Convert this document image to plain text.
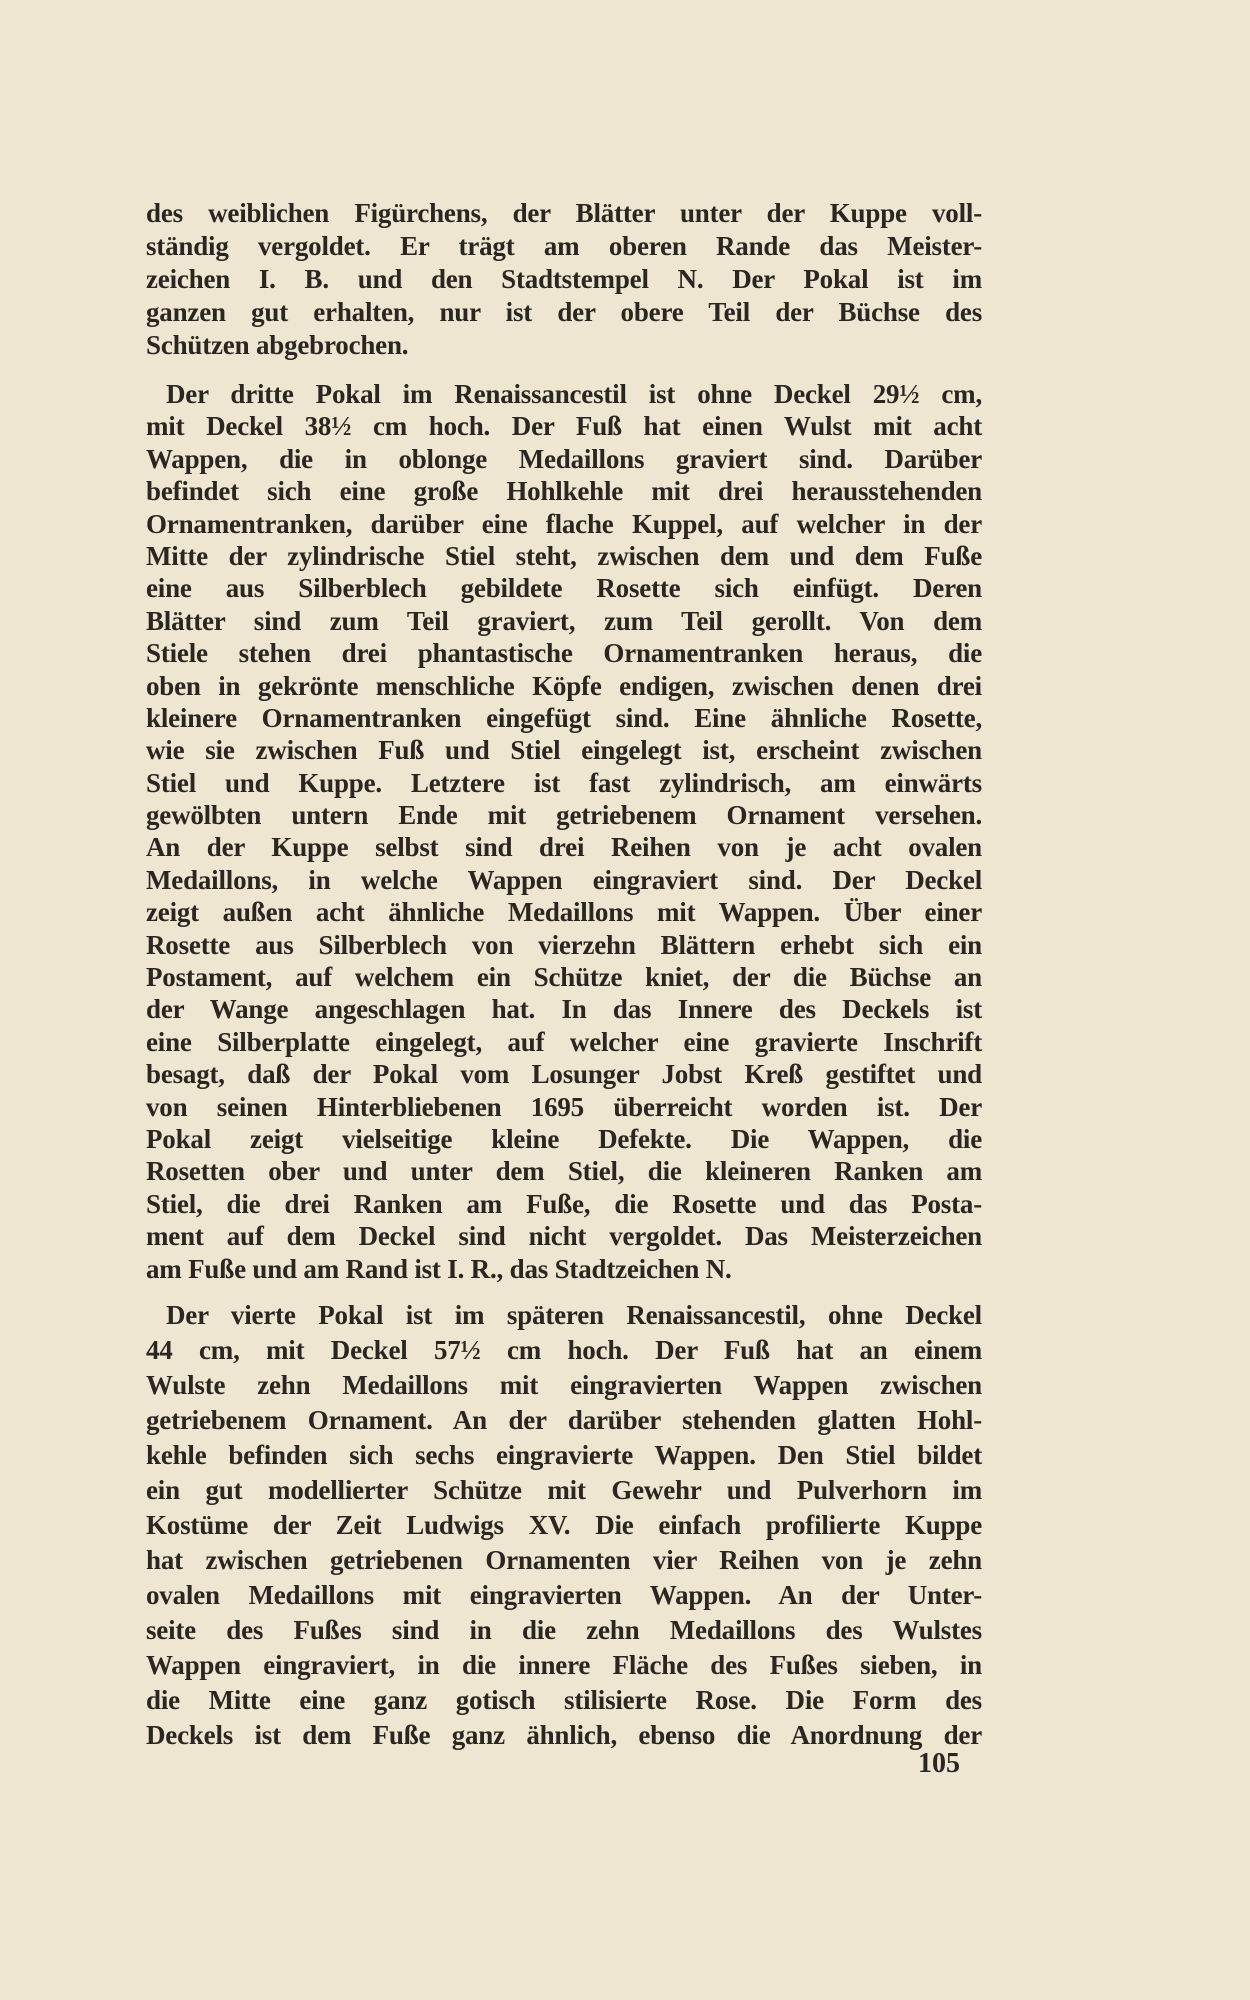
des weiblichen Figürchens, der Blätter unter der Kuppe voll-
ständig vergoldet. Er trägt am oberen Rande das Meister-
zeichen I. B. und den Stadtstempel N. Der Pokal ist im
ganzen gut erhalten, nur ist der obere Teil der Büchse des
Schützen abgebrochen.
Der dritte Pokal im Renaissancestil ist ohne Deckel 29½ cm,
mit Deckel 38½ cm hoch. Der Fuß hat einen Wulst mit acht
Wappen, die in oblonge Medaillons graviert sind. Darüber
befindet sich eine große Hohlkehle mit drei herausstehenden
Ornamentranken, darüber eine flache Kuppel, auf welcher in der
Mitte der zylindrische Stiel steht, zwischen dem und dem Fuße
eine aus Silberblech gebildete Rosette sich einfügt. Deren
Blätter sind zum Teil graviert, zum Teil gerollt. Von dem
Stiele stehen drei phantastische Ornamentranken heraus, die
oben in gekrönte menschliche Köpfe endigen, zwischen denen drei
kleinere Ornamentranken eingefügt sind. Eine ähnliche Rosette,
wie sie zwischen Fuß und Stiel eingelegt ist, erscheint zwischen
Stiel und Kuppe. Letztere ist fast zylindrisch, am einwärts
gewölbten untern Ende mit getriebenem Ornament versehen.
An der Kuppe selbst sind drei Reihen von je acht ovalen
Medaillons, in welche Wappen eingraviert sind. Der Deckel
zeigt außen acht ähnliche Medaillons mit Wappen. Über einer
Rosette aus Silberblech von vierzehn Blättern erhebt sich ein
Postament, auf welchem ein Schütze kniet, der die Büchse an
der Wange angeschlagen hat. In das Innere des Deckels ist
eine Silberplatte eingelegt, auf welcher eine gravierte Inschrift
besagt, daß der Pokal vom Losunger Jobst Kreß gestiftet und
von seinen Hinterbliebenen 1695 überreicht worden ist. Der
Pokal zeigt vielseitige kleine Defekte. Die Wappen, die
Rosetten ober und unter dem Stiel, die kleineren Ranken am
Stiel, die drei Ranken am Fuße, die Rosette und das Posta-
ment auf dem Deckel sind nicht vergoldet. Das Meisterzeichen
am Fuße und am Rand ist I. R., das Stadtzeichen N.
Der vierte Pokal ist im späteren Renaissancestil, ohne Deckel
44 cm, mit Deckel 57½ cm hoch. Der Fuß hat an einem
Wulste zehn Medaillons mit eingravierten Wappen zwischen
getriebenem Ornament. An der darüber stehenden glatten Hohl-
kehle befinden sich sechs eingravierte Wappen. Den Stiel bildet
ein gut modellierter Schütze mit Gewehr und Pulverhorn im
Kostüme der Zeit Ludwigs XV. Die einfach profilierte Kuppe
hat zwischen getriebenen Ornamenten vier Reihen von je zehn
ovalen Medaillons mit eingravierten Wappen. An der Unter-
seite des Fußes sind in die zehn Medaillons des Wulstes
Wappen eingraviert, in die innere Fläche des Fußes sieben, in
die Mitte eine ganz gotisch stilisierte Rose. Die Form des
Deckels ist dem Fuße ganz ähnlich, ebenso die Anordnung der
105
